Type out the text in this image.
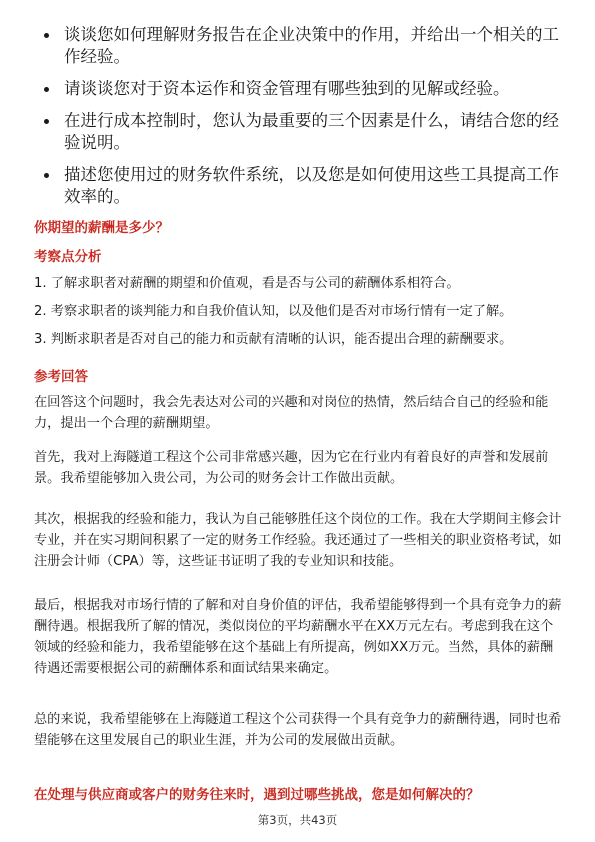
谈谈您如何理解财务报告在企业决策中的作用，并给出一个相关的工作经验。
请谈谈您对于资本运作和资金管理有哪些独到的见解或经验。
在进行成本控制时，您认为最重要的三个因素是什么，请结合您的经验说明。
描述您使用过的财务软件系统，以及您是如何使用这些工具提高工作效率的。
你期望的薪酬是多少？
考察点分析
1. 了解求职者对薪酬的期望和价值观，看是否与公司的薪酬体系相符合。
2. 考察求职者的谈判能力和自我价值认知，以及他们是否对市场行情有一定了解。
3. 判断求职者是否对自己的能力和贡献有清晰的认识，能否提出合理的薪酬要求。
参考回答

在回答这个问题时，我会先表达对公司的兴趣和对岗位的热情，然后结合自己的经验和能力，提出一个合理的薪酬期望。

首先，我对上海隧道工程这个公司非常感兴趣，因为它在行业内有着良好的声誉和发展前景。我希望能够加入贵公司，为公司的财务会计工作做出贡献。

其次，根据我的经验和能力，我认为自己能够胜任这个岗位的工作。我在大学期间主修会计专业，并在实习期间积累了一定的财务工作经验。我还通过了一些相关的职业资格考试，如注册会计师（CPA）等，这些证书证明了我的专业知识和技能。

最后，根据我对市场行情的了解和对自身价值的评估，我希望能够得到一个具有竞争力的薪酬待遇。根据我所了解的情况，类似岗位的平均薪酬水平在XX万元左右。考虑到我在这个领域的经验和能力，我希望能够在这个基础上有所提高，例如XX万元。当然，具体的薪酬待遇还需要根据公司的薪酬体系和面试结果来确定。

总的来说，我希望能够在上海隧道工程这个公司获得一个具有竞争力的薪酬待遇，同时也希望能够在这里发展自己的职业生涯，并为公司的发展做出贡献。

在处理与供应商或客户的财务往来时，遇到过哪些挑战，您是如何解决的？
第3页，共43页
